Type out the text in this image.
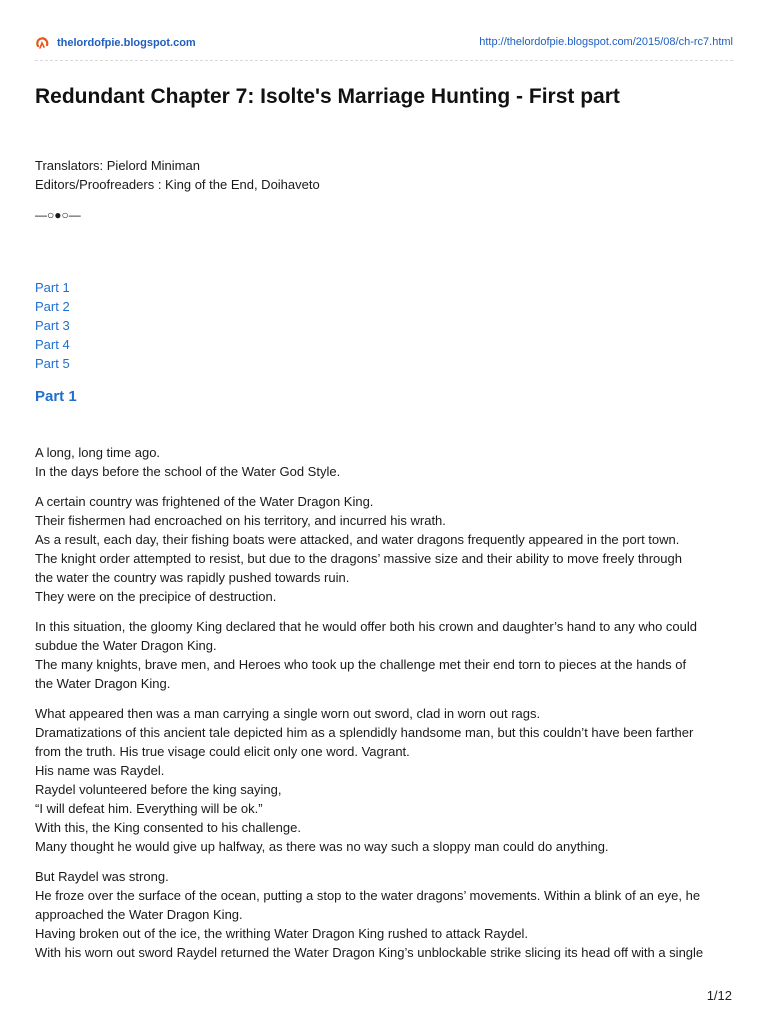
thelordofpie.blogspot.com	http://thelordofpie.blogspot.com/2015/08/ch-rc7.html
Redundant Chapter 7: Isolte's Marriage Hunting - First part
Translators: Pielord Miniman
Editors/Proofreaders : King of the End, Doihaveto
—○●○—
Part 1
Part 2
Part 3
Part 4
Part 5
Part 1

A long, long time ago.
In the days before the school of the Water God Style.

A certain country was frightened of the Water Dragon King.
Their fishermen had encroached on his territory, and incurred his wrath.
As a result, each day, their fishing boats were attacked, and water dragons frequently appeared in the port town.
The knight order attempted to resist, but due to the dragons’ massive size and their ability to move freely through
the water the country was rapidly pushed towards ruin.
They were on the precipice of destruction.

In this situation, the gloomy King declared that he would offer both his crown and daughter’s hand to any who could
subdue the Water Dragon King.
The many knights, brave men, and Heroes who took up the challenge met their end torn to pieces at the hands of
the Water Dragon King.

What appeared then was a man carrying a single worn out sword, clad in worn out rags.
Dramatizations of this ancient tale depicted him as a splendidly handsome man, but this couldn’t have been farther
from the truth. His true visage could elicit only one word. Vagrant.
His name was Raydel.
Raydel volunteered before the king saying,
“I will defeat him. Everything will be ok.”
With this, the King consented to his challenge.
Many thought he would give up halfway, as there was no way such a sloppy man could do anything.

But Raydel was strong.
He froze over the surface of the ocean, putting a stop to the water dragons’ movements. Within a blink of an eye, he
approached the Water Dragon King.
Having broken out of the ice, the writhing Water Dragon King rushed to attack Raydel.
With his worn out sword Raydel returned the Water Dragon King’s unblockable strike slicing its head off with a single

1/12
